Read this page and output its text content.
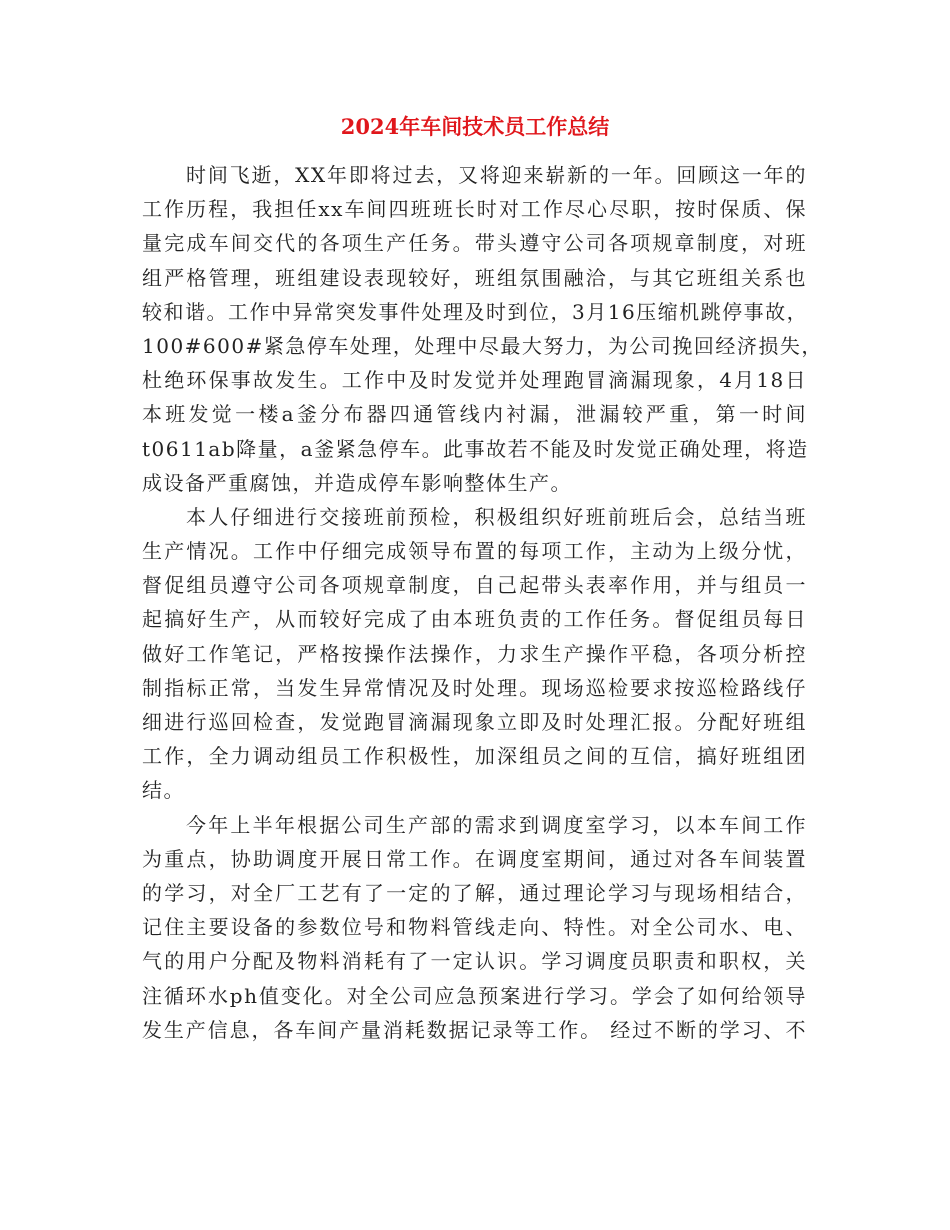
2024年车间技术员工作总结
时间飞逝，XX年即将过去，又将迎来崭新的一年。回顾这一年的
工作历程，我担任xx车间四班班长时对工作尽心尽职，按时保质、保
量完成车间交代的各项生产任务。带头遵守公司各项规章制度，对班
组严格管理，班组建设表现较好，班组氛围融洽，与其它班组关系也
较和谐。工作中异常突发事件处理及时到位，3月16压缩机跳停事故，
100#600#紧急停车处理，处理中尽最大努力，为公司挽回经济损失，
杜绝环保事故发生。工作中及时发觉并处理跑冒滴漏现象，4月18日
本班发觉一楼a釜分布器四通管线内衬漏，泄漏较严重，第一时间
t0611ab降量，a釜紧急停车。此事故若不能及时发觉正确处理，将造
成设备严重腐蚀，并造成停车影响整体生产。
本人仔细进行交接班前预检，积极组织好班前班后会，总结当班
生产情况。工作中仔细完成领导布置的每项工作，主动为上级分忧，
督促组员遵守公司各项规章制度，自己起带头表率作用，并与组员一
起搞好生产，从而较好完成了由本班负责的工作任务。督促组员每日
做好工作笔记，严格按操作法操作，力求生产操作平稳，各项分析控
制指标正常，当发生异常情况及时处理。现场巡检要求按巡检路线仔
细进行巡回检查，发觉跑冒滴漏现象立即及时处理汇报。分配好班组
工作，全力调动组员工作积极性，加深组员之间的互信，搞好班组团
结。
今年上半年根据公司生产部的需求到调度室学习，以本车间工作
为重点，协助调度开展日常工作。在调度室期间，通过对各车间装置
的学习，对全厂工艺有了一定的了解，通过理论学习与现场相结合，
记住主要设备的参数位号和物料管线走向、特性。对全公司水、电、
气的用户分配及物料消耗有了一定认识。学习调度员职责和职权，关
注循环水ph值变化。对全公司应急预案进行学习。学会了如何给领导
发生产信息，各车间产量消耗数据记录等工作。 经过不断的学习、不
